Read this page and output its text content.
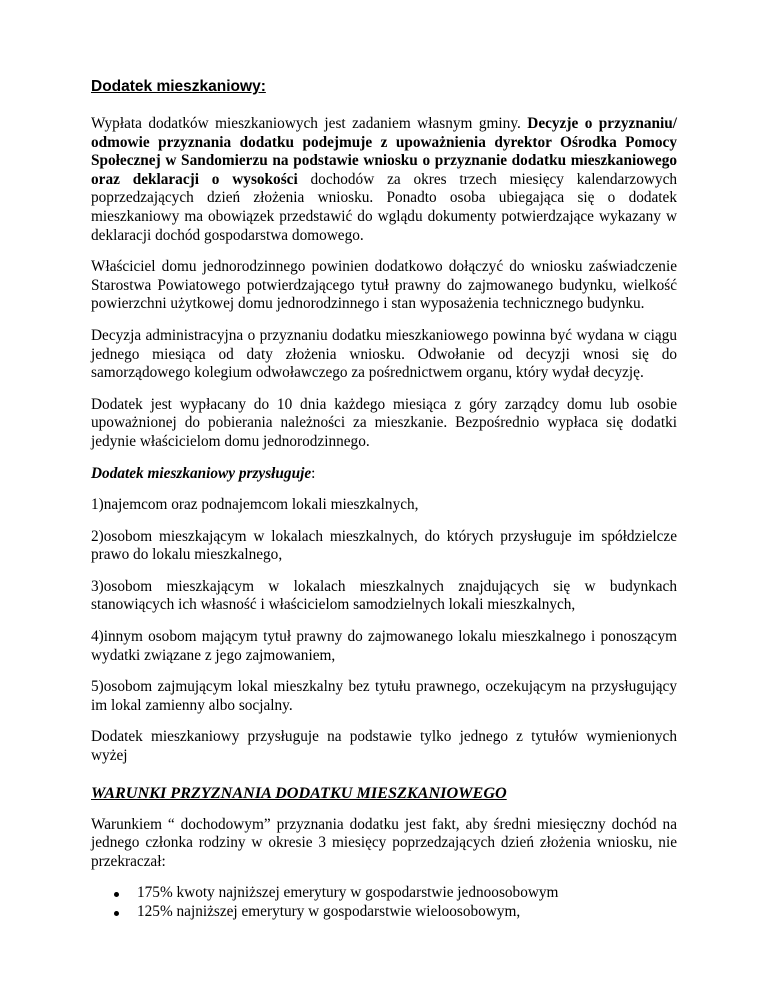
Dodatek mieszkaniowy:

Wypłata dodatków mieszkaniowych jest zadaniem własnym gminy. Decyzje o przyznaniu/ odmowie przyznania dodatku podejmuje z upoważnienia dyrektor Ośrodka Pomocy Społecznej w Sandomierzu na podstawie wniosku o przyznanie dodatku mieszkaniowego oraz deklaracji o wysokości dochodów za okres trzech miesięcy kalendarzowych poprzedzających dzień złożenia wniosku. Ponadto osoba ubiegająca się o dodatek mieszkaniowy ma obowiązek przedstawić do wglądu dokumenty potwierdzające wykazany w deklaracji dochód gospodarstwa domowego.

Właściciel domu jednorodzinnego powinien dodatkowo dołączyć do wniosku zaświadczenie Starostwa Powiatowego potwierdzającego tytuł prawny do zajmowanego budynku, wielkość powierzchni użytkowej domu jednorodzinnego i stan wyposażenia technicznego budynku.

Decyzja administracyjna o przyznaniu dodatku mieszkaniowego powinna być wydana w ciągu jednego miesiąca od daty złożenia wniosku. Odwołanie od decyzji wnosi się do samorządowego kolegium odwoławczego za pośrednictwem organu, który wydał decyzję.

Dodatek jest wypłacany do 10 dnia każdego miesiąca z góry zarządcy domu lub osobie upoważnionej do pobierania należności za mieszkanie. Bezpośrednio wypłaca się dodatki jedynie właścicielom domu jednorodzinnego.

Dodatek mieszkaniowy przysługuje:

1)najemcom oraz podnajemcom lokali mieszkalnych,

2)osobom mieszkającym w lokalach mieszkalnych, do których przysługuje im spółdzielcze prawo do lokalu mieszkalnego,

3)osobom mieszkającym w lokalach mieszkalnych znajdujących się w budynkach stanowiących ich własność i właścicielom samodzielnych lokali mieszkalnych,

4)innym osobom mającym tytuł prawny do zajmowanego lokalu mieszkalnego i ponoszącym wydatki związane z jego zajmowaniem,

5)osobom zajmującym lokal mieszkalny bez tytułu prawnego, oczekującym na przysługujący im lokal zamienny albo socjalny.

Dodatek mieszkaniowy przysługuje na podstawie tylko jednego z tytułów wymienionych wyżej

WARUNKI PRZYZNANIA DODATKU MIESZKANIOWEGO

Warunkiem “ dochodowym” przyznania dodatku jest fakt, aby średni miesięczny dochód na jednego członka rodziny w okresie 3 miesięcy poprzedzających dzień złożenia wniosku, nie przekraczał:

175% kwoty najniższej emerytury w gospodarstwie jednoosobowym
125% najniższej emerytury w gospodarstwie wieloosobowym,
